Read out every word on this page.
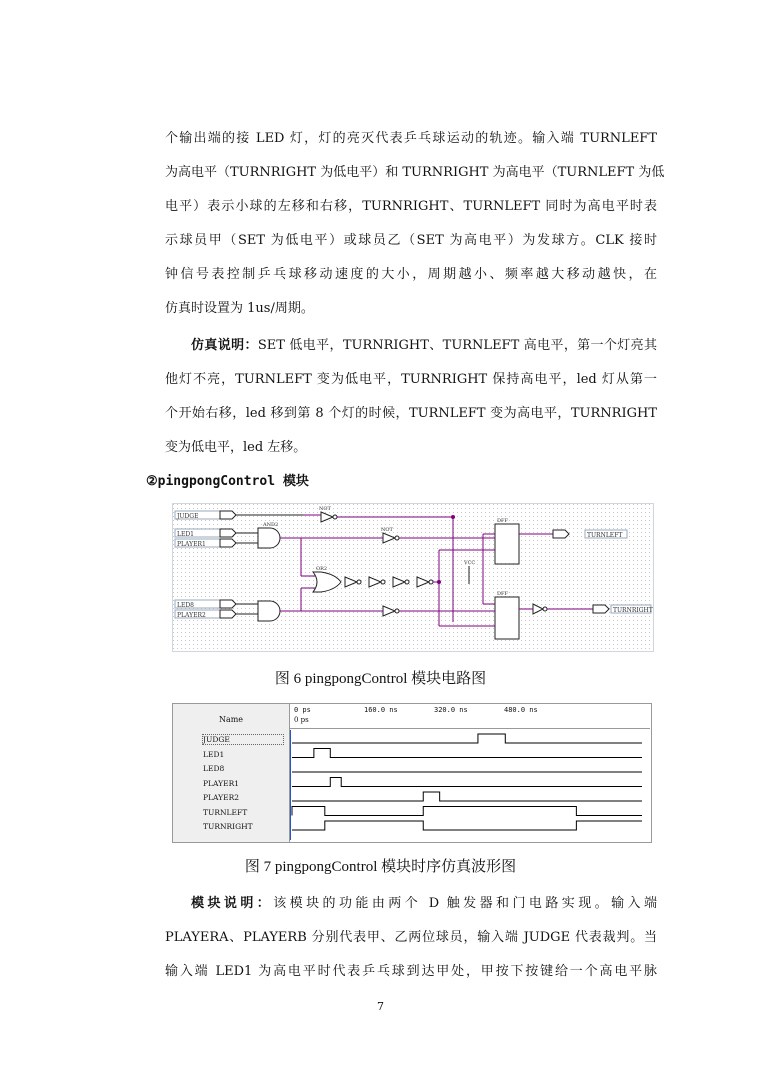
个输出端的接 LED 灯，灯的亮灭代表乒乓球运动的轨迹。输入端 TURNLEFT
为高电平（TURNRIGHT 为低电平）和 TURNRIGHT 为高电平（TURNLEFT 为低
电平）表示小球的左移和右移，TURNRIGHT、TURNLEFT 同时为高电平时表
示球员甲（SET 为低电平）或球员乙（SET 为高电平）为发球方。CLK 接时
钟信号表控制乒乓球移动速度的大小，周期越小、频率越大移动越快，在
仿真时设置为 1us/周期。
仿真说明：SET 低电平，TURNRIGHT、TURNLEFT 高电平，第一个灯亮其
他灯不亮，TURNLEFT 变为低电平，TURNRIGHT 保持高电平，led 灯从第一
个开始右移，led 移到第 8 个灯的时候，TURNLEFT 变为高电平，TURNRIGHT
变为低电平，led 左移。
②pingpongControl 模块
JUDGE
LED1
PLAYER1
LED8
PLAYER2
AND2
OR2
NOT
NOT
DFF
DFF
VCC
TURNLEFT
TURNRIGHT
图 6 pingpongControl 模块电路图
Name
JUDGE
LED1
LED8
PLAYER1
PLAYER2
TURNLEFT
TURNRIGHT
0 ps
160.0 ns	320.0 ns	480.0 ns
0 ps
图 7 pingpongControl 模块时序仿真波形图
模块说明：该模块的功能由两个 D 触发器和门电路实现。输入端
PLAYERA、PLAYERB 分别代表甲、乙两位球员，输入端 JUDGE 代表裁判。当
输入端 LED1 为高电平时代表乒乓球到达甲处，甲按下按键给一个高电平脉
7
